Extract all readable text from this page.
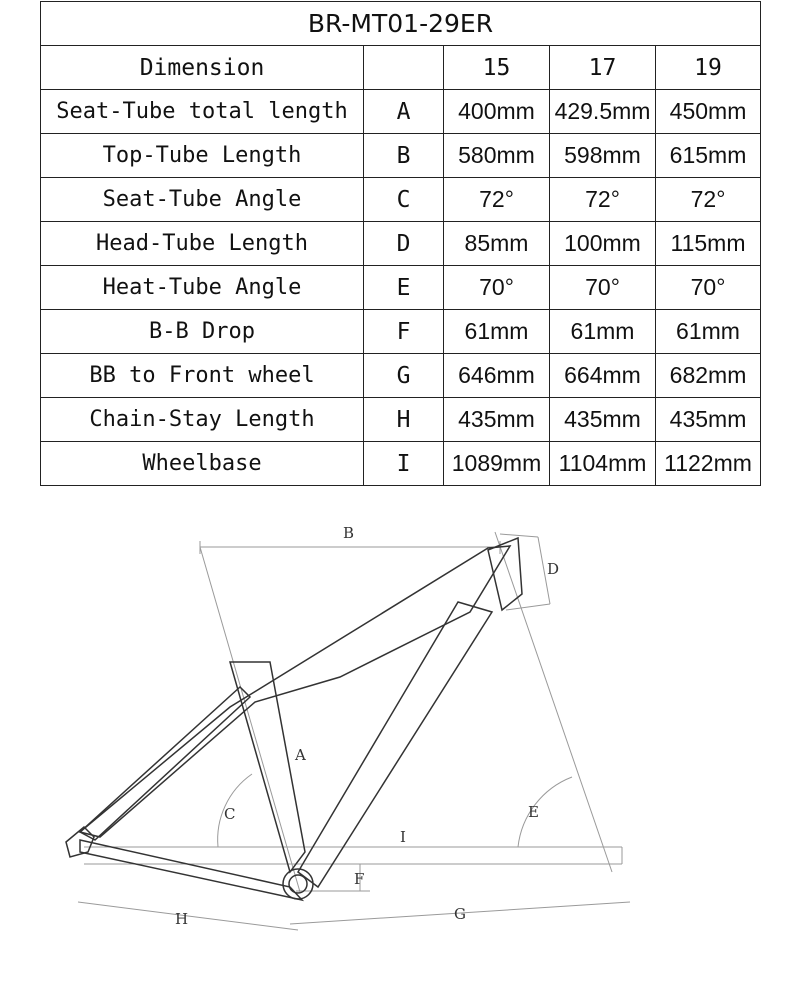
BR-MT01-29ER				
Dimension		15	17	19
Seat-Tube total length	A	400mm	429.5mm	450mm
Top-Tube Length	B	580mm	598mm	615mm
Seat-Tube Angle	C	72°	72°	72°
Head-Tube Length	D	85mm	100mm	115mm
Heat-Tube Angle	E	70°	70°	70°
B-B Drop	F	61mm	61mm	61mm
BB to Front wheel	G	646mm	664mm	682mm
Chain-Stay Length	H	435mm	435mm	435mm
Wheelbase	I	1089mm	1104mm	1122mm
B
D
A
C	E
I
F
G
H
